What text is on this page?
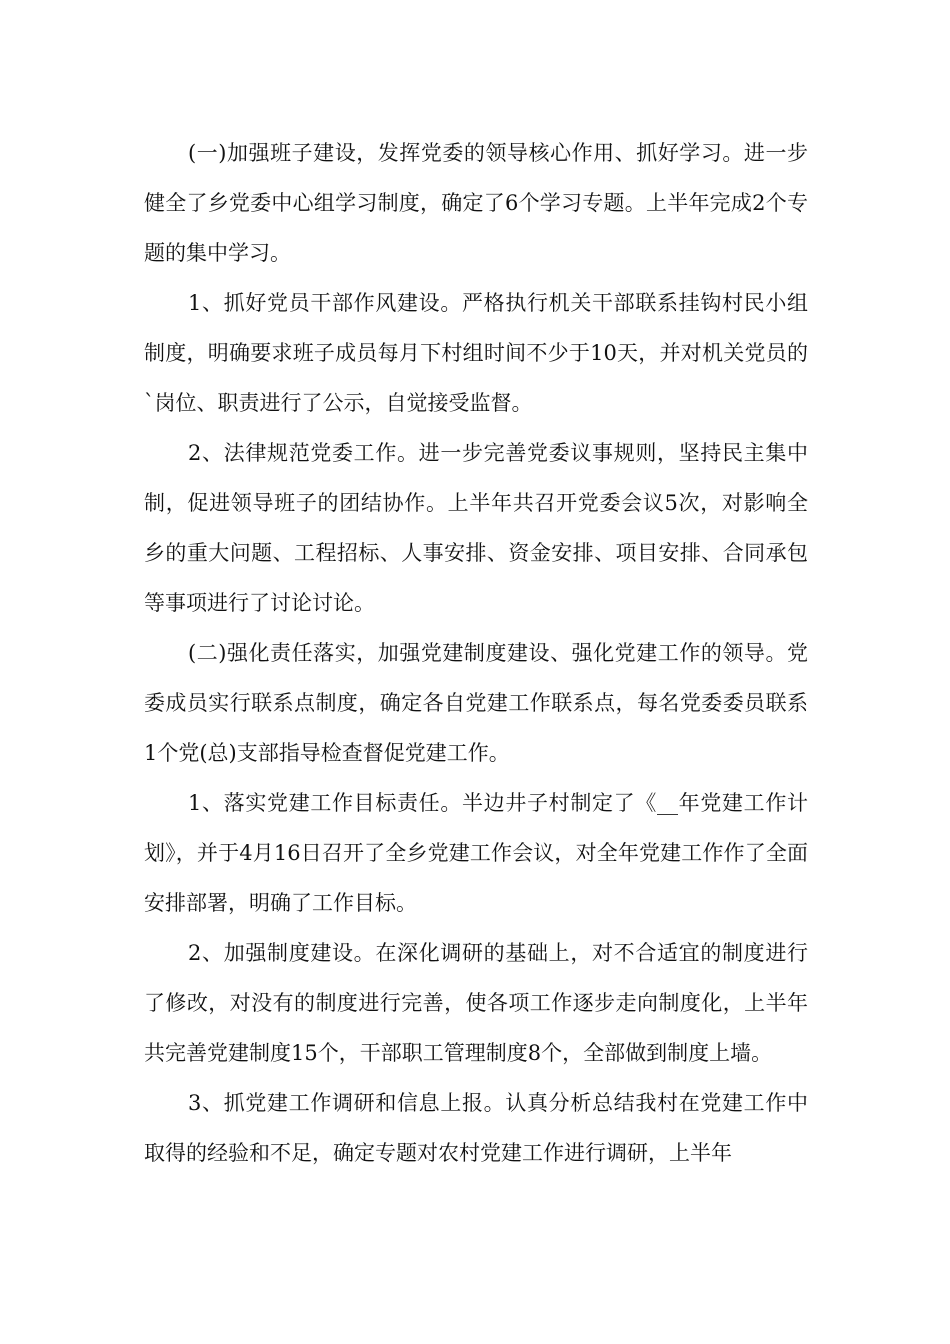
(一)加强班子建设，发挥党委的领导核心作用、抓好学习。进一步健全了乡党委中心组学习制度，确定了6个学习专题。上半年完成2个专题的集中学习。

1、抓好党员干部作风建设。严格执行机关干部联系挂钩村民小组制度，明确要求班子成员每月下村组时间不少于10天，并对机关党员的`岗位、职责进行了公示，自觉接受监督。

2、法律规范党委工作。进一步完善党委议事规则，坚持民主集中制，促进领导班子的团结协作。上半年共召开党委会议5次，对影响全乡的重大问题、工程招标、人事安排、资金安排、项目安排、合同承包等事项进行了讨论讨论。

(二)强化责任落实，加强党建制度建设、强化党建工作的领导。党委成员实行联系点制度，确定各自党建工作联系点，每名党委委员联系1个党(总)支部指导检查督促党建工作。

1、落实党建工作目标责任。半边井子村制定了《__年党建工作计划》，并于4月16日召开了全乡党建工作会议，对全年党建工作作了全面安排部署，明确了工作目标。

2、加强制度建设。在深化调研的基础上，对不合适宜的制度进行了修改，对没有的制度进行完善，使各项工作逐步走向制度化，上半年共完善党建制度15个，干部职工管理制度8个，全部做到制度上墙。

3、抓党建工作调研和信息上报。认真分析总结我村在党建工作中取得的经验和不足，确定专题对农村党建工作进行调研，上半年
